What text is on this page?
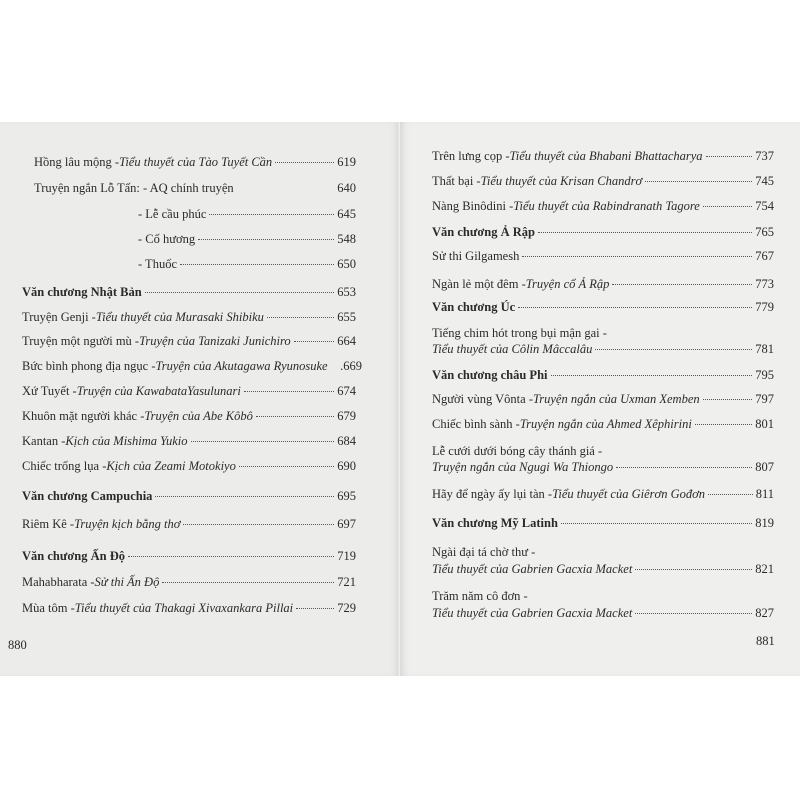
Hồng lâu mộng - Tiểu thuyết của Tào Tuyết Cần	619
Truyện ngắn Lỗ Tấn: - AQ chính truyện	640
- Lễ cầu phúc	645
- Cố hương	548
- Thuốc	650
Văn chương Nhật Bản	653
Truyện Genji - Tiểu thuyết của Murasaki Shibiku	655
Truyện một người mù - Truyện của Tanizaki Junichiro	664
Bức bình phong địa ngục - Truyện của Akutagawa Ryunosuke .669
Xứ Tuyết - Truyện của KawabataYasulunari	674
Khuôn mặt người khác - Truyện của Abe Kôbô	679
Kantan - Kịch của Mishima Yukio	684
Chiếc trống lụa - Kịch của Zeami Motokiyo	690
Văn chương Campuchia	695
Riêm Kê - Truyện kịch bằng thơ	697
Văn chương Ấn Độ	719
Mahabharata - Sử thi Ấn Độ	721
Mùa tôm - Tiểu thuyết của Thakagi Xivaxankara Pillai	729
880
Trên lưng cọp - Tiểu thuyết của Bhabani Bhattacharya	737
Thất bại - Tiểu thuyết của Krisan Chandrơ	745
Nàng Binôdini - Tiểu thuyết của Rabindranath Tagore	754
Văn chương Ả Rập	765
Sử thi Gilgamesh	767
Ngàn lẻ một đêm - Truyện cổ Ả Rập	773
Văn chương Úc	779
Tiếng chim hót trong bụi mận gai -
Tiểu thuyết của Côlin Mâccalâu	781
Văn chương châu Phi	795
Người vùng Vônta - Truyện ngắn của Uxman Xemben	797
Chiếc bình sành - Truyện ngắn của Ahmed Xêphirini	801
Lễ cưới dưới bóng cây thánh giá -
Truyện ngắn của Ngugi Wa Thiongo	807
Hãy để ngày ấy lụi tàn - Tiểu thuyết của Giêrơn Gođơn	811
Văn chương Mỹ Latinh	819
Ngài đại tá chờ thư -
Tiểu thuyết của Gabrien Gacxia Macket	821
Trăm năm cô đơn -
Tiểu thuyết của Gabrien Gacxia Macket	827
881
